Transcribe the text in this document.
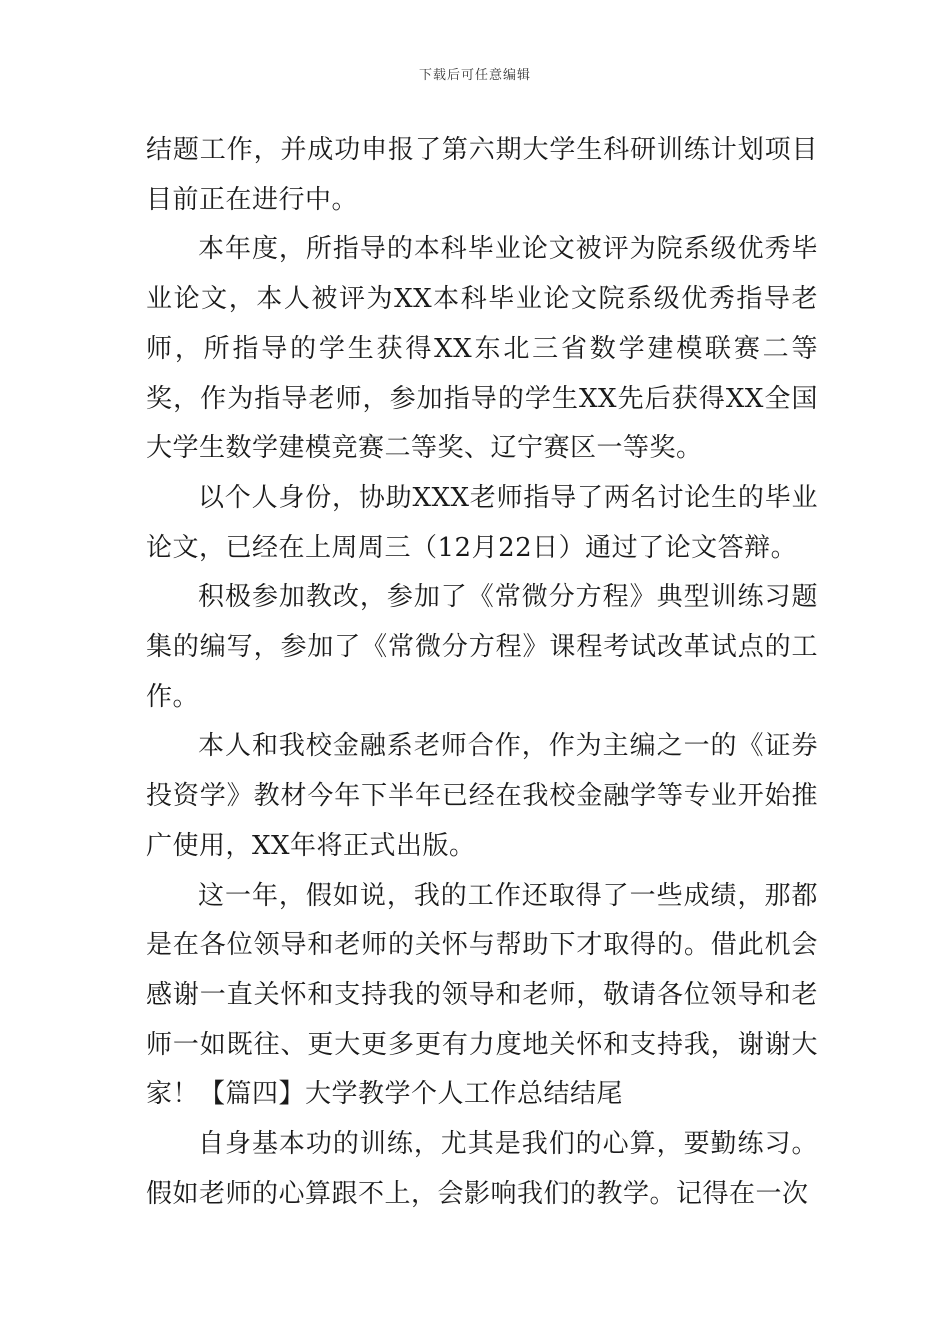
下载后可任意编辑

结题工作，并成功申报了第六期大学生科研训练计划项目目前正在进行中。

本年度，所指导的本科毕业论文被评为院系级优秀毕业论文，本人被评为XX本科毕业论文院系级优秀指导老师，所指导的学生获得XX东北三省数学建模联赛二等奖，作为指导老师，参加指导的学生XX先后获得XX全国大学生数学建模竞赛二等奖、辽宁赛区一等奖。

以个人身份，协助XXX老师指导了两名讨论生的毕业论文，已经在上周周三（12月22日）通过了论文答辩。

积极参加教改，参加了《常微分方程》典型训练习题集的编写，参加了《常微分方程》课程考试改革试点的工作。

本人和我校金融系老师合作，作为主编之一的《证券投资学》教材今年下半年已经在我校金融学等专业开始推广使用，XX年将正式出版。

这一年，假如说，我的工作还取得了一些成绩，那都是在各位领导和老师的关怀与帮助下才取得的。借此机会感谢一直关怀和支持我的领导和老师，敬请各位领导和老师一如既往、更大更多更有力度地关怀和支持我，谢谢大家！【篇四】大学教学个人工作总结结尾

自身基本功的训练，尤其是我们的心算，要勤练习。假如老师的心算跟不上，会影响我们的教学。记得在一次
